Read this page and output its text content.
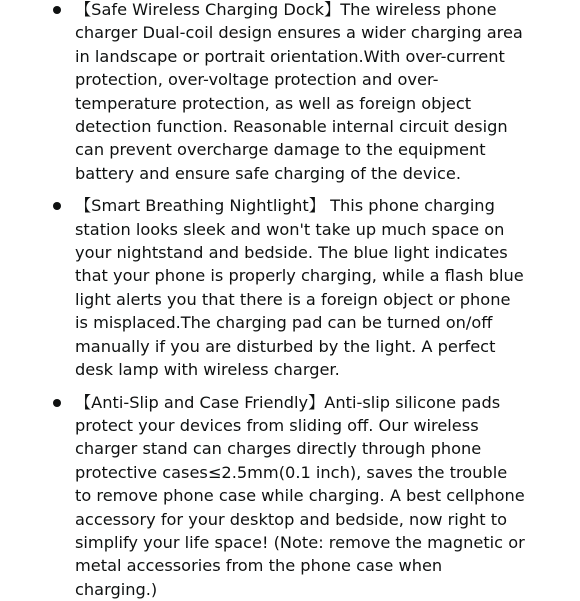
【Safe Wireless Charging Dock】The wireless phone charger Dual-coil design ensures a wider charging area in landscape or portrait orientation.With over-current protection, over-voltage protection and over-temperature protection, as well as foreign object detection function. Reasonable internal circuit design can prevent overcharge damage to the equipment battery and ensure safe charging of the device.
【Smart Breathing Nightlight】 This phone charging station looks sleek and won't take up much space on your nightstand and bedside. The blue light indicates that your phone is properly charging, while a flash blue light alerts you that there is a foreign object or phone is misplaced.The charging pad can be turned on/off manually if you are disturbed by the light. A perfect desk lamp with wireless charger.
【Anti-Slip and Case Friendly】Anti-slip silicone pads protect your devices from sliding off. Our wireless charger stand can charges directly through phone protective cases≤2.5mm(0.1 inch), saves the trouble to remove phone case while charging. A best cellphone accessory for your desktop and bedside, now right to simplify your life space! (Note: remove the magnetic or metal accessories from the phone case when charging.)
